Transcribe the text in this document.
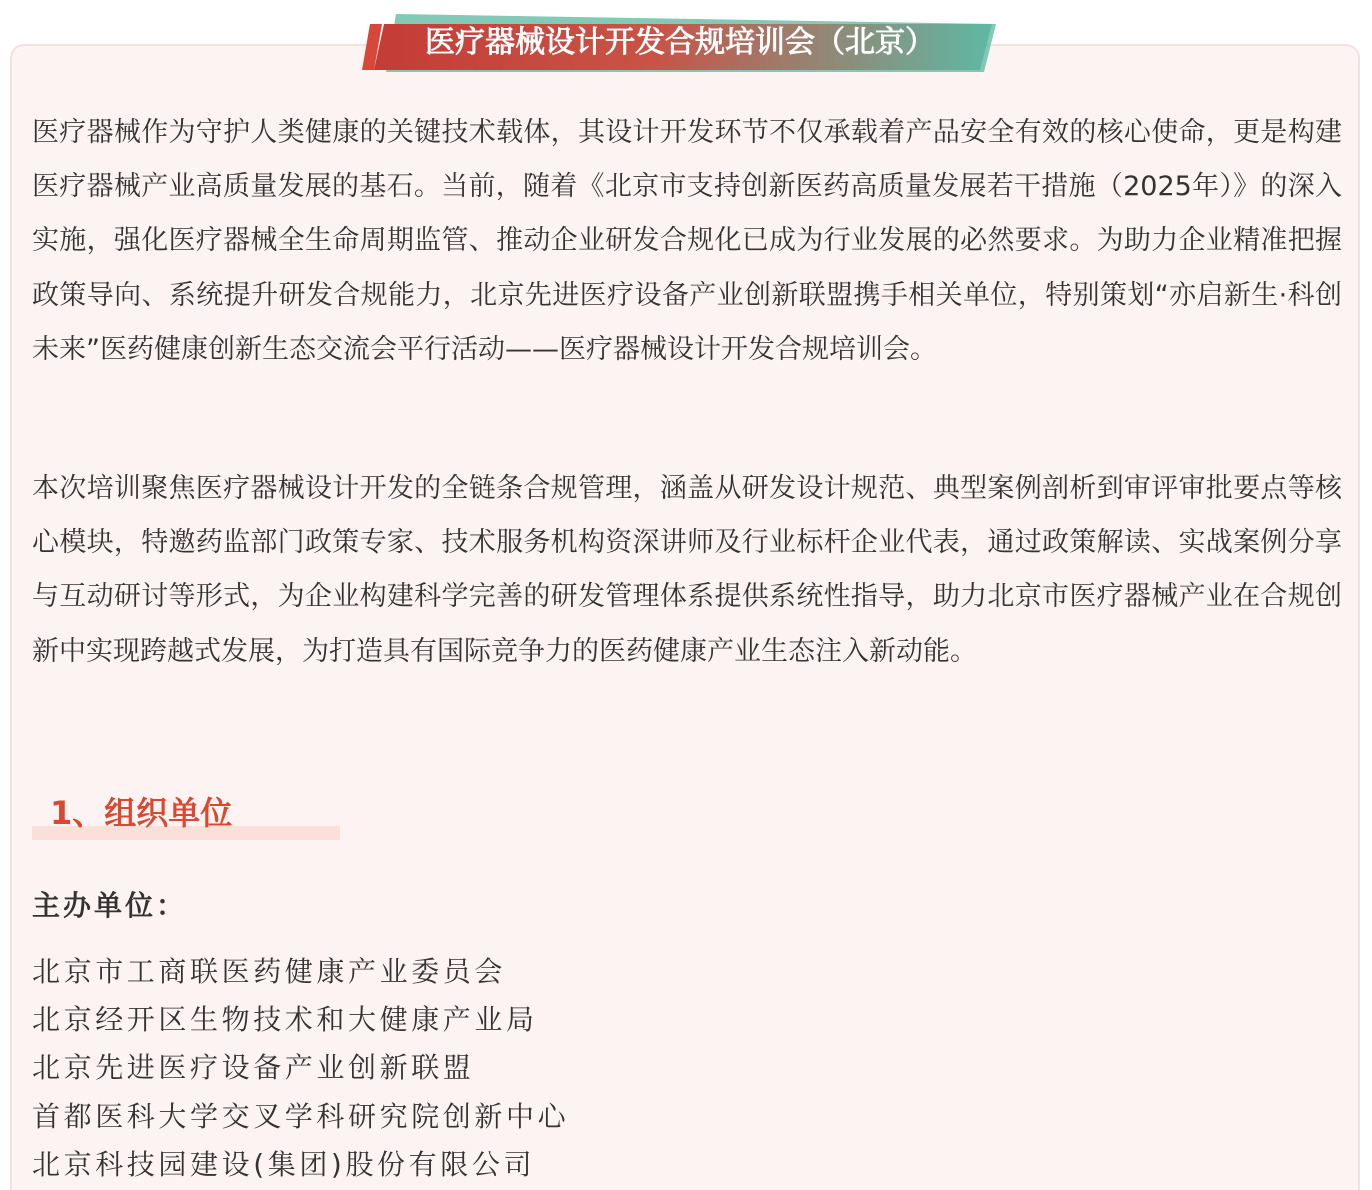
医疗器械设计开发合规培训会（北京）

医疗器械作为守护人类健康的关键技术载体，其设计开发环节不仅承载着产品安全有效的核心使命，更是构建医疗器械产业高质量发展的基石。当前，随着《北京市支持创新医药高质量发展若干措施（2025年）》的深入实施，强化医疗器械全生命周期监管、推动企业研发合规化已成为行业发展的必然要求。为助力企业精准把握政策导向、系统提升研发合规能力，北京先进医疗设备产业创新联盟携手相关单位，特别策划“亦启新生·科创未来”医药健康创新生态交流会平行活动——医疗器械设计开发合规培训会。

本次培训聚焦医疗器械设计开发的全链条合规管理，涵盖从研发设计规范、典型案例剖析到审评审批要点等核心模块，特邀药监部门政策专家、技术服务机构资深讲师及行业标杆企业代表，通过政策解读、实战案例分享与互动研讨等形式，为企业构建科学完善的研发管理体系提供系统性指导，助力北京市医疗器械产业在合规创新中实现跨越式发展，为打造具有国际竞争力的医药健康产业生态注入新动能。

1、组织单位
主办单位：
北京市工商联医药健康产业委员会
北京经开区生物技术和大健康产业局
北京先进医疗设备产业创新联盟
首都医科大学交叉学科研究院创新中心
北京科技园建设(集团)股份有限公司
